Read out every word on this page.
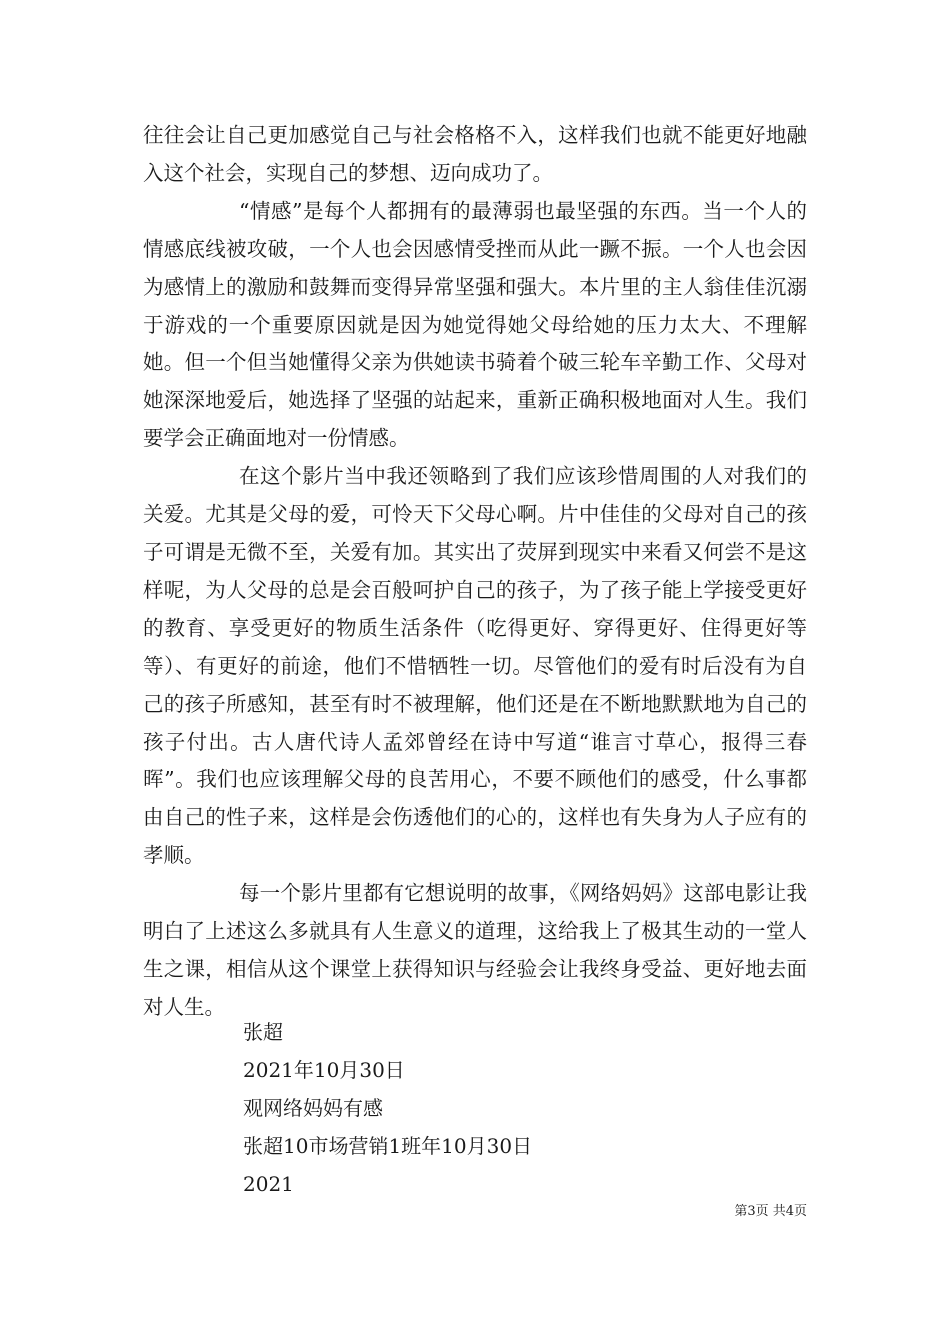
往往会让自己更加感觉自己与社会格格不入，这样我们也就不能更好地融入这个社会，实现自己的梦想、迈向成功了。

“情感”是每个人都拥有的最薄弱也最坚强的东西。当一个人的情感底线被攻破，一个人也会因感情受挫而从此一蹶不振。一个人也会因为感情上的激励和鼓舞而变得异常坚强和强大。本片里的主人翁佳佳沉溺于游戏的一个重要原因就是因为她觉得她父母给她的压力太大、不理解她。但一个但当她懂得父亲为供她读书骑着个破三轮车辛勤工作、父母对她深深地爱后，她选择了坚强的站起来，重新正确积极地面对人生。我们要学会正确面地对一份情感。

在这个影片当中我还领略到了我们应该珍惜周围的人对我们的关爱。尤其是父母的爱，可怜天下父母心啊。片中佳佳的父母对自己的孩子可谓是无微不至，关爱有加。其实出了荧屏到现实中来看又何尝不是这样呢，为人父母的总是会百般呵护自己的孩子，为了孩子能上学接受更好的教育、享受更好的物质生活条件（吃得更好、穿得更好、住得更好等等）、有更好的前途，他们不惜牺牲一切。尽管他们的爱有时后没有为自己的孩子所感知，甚至有时不被理解，他们还是在不断地默默地为自己的孩子付出。古人唐代诗人孟郊曾经在诗中写道“谁言寸草心，报得三春晖”。我们也应该理解父母的良苦用心，不要不顾他们的感受，什么事都由自己的性子来，这样是会伤透他们的心的，这样也有失身为人子应有的孝顺。

每一个影片里都有它想说明的故事，《网络妈妈》这部电影让我明白了上述这么多就具有人生意义的道理，这给我上了极其生动的一堂人生之课，相信从这个课堂上获得知识与经验会让我终身受益、更好地去面对人生。

张超
2021年10月30日
观网络妈妈有感
张超10市场营销1班年10月30日
2021
第3页 共4页
